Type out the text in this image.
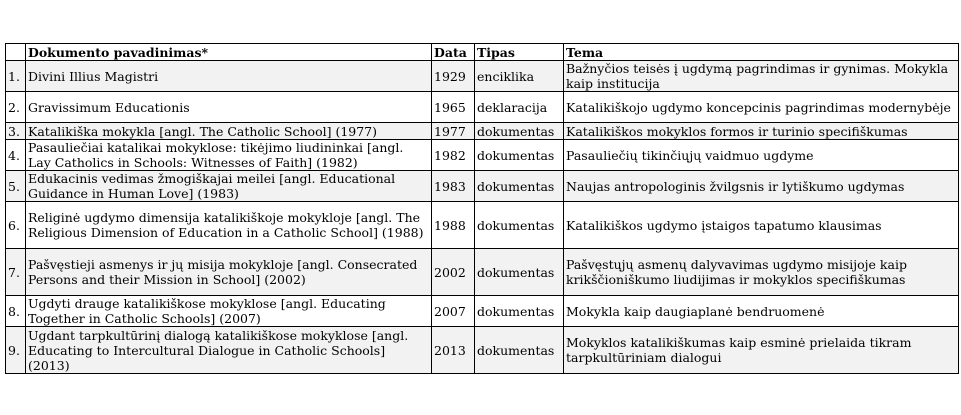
	Dokumento pavadinimas*	Data	Tipas	Tema
1.	Divini Illius Magistri	1929	enciklika	Bažnyčios teisės į ugdymą pagrindimas ir gynimas. Mokykla kaip institucija
2.	Gravissimum Educationis	1965	deklaracija	Katalikiškojo ugdymo koncepcinis pagrindimas modernybėje
3.	Katalikiška mokykla [angl. The Catholic School] (1977)	1977	dokumentas	Katalikiškos mokyklos formos ir turinio specifiškumas
4.	Pasauliečiai katalikai mokyklose: tikėjimo liudininkai [angl. Lay Catholics in Schools: Witnesses of Faith] (1982)	1982	dokumentas	Pasauliečių tikinčiųjų vaidmuo ugdyme
5.	Edukacinis vedimas žmogiškajai meilei [angl. Educational Guidance in Human Love] (1983)	1983	dokumentas	Naujas antropologinis žvilgsnis ir lytiškumo ugdymas
6.	Religinė ugdymo dimensija katalikiškoje mokykloje [angl. The Religious Dimension of Education in a Catholic School] (1988)	1988	dokumentas	Katalikiškos ugdymo įstaigos tapatumo klausimas
7.	Pašvęstieji asmenys ir jų misija mokykloje [angl. Consecrated Persons and their Mission in School] (2002)	2002	dokumentas	Pašvęstųjų asmenų dalyvavimas ugdymo misijoje kaip krikščioniškumo liudijimas ir mokyklos specifiškumas
8.	Ugdyti drauge katalikiškose mokyklose [angl. Educating Together in Catholic Schools] (2007)	2007	dokumentas	Mokykla kaip daugiaplanė bendruomenė
9.	Ugdant tarpkultūrinį dialogą katalikiškose mokyklose [angl. Educating to Intercultural Dialogue in Catholic Schools] (2013)	2013	dokumentas	Mokyklos katalikiškumas kaip esminė prielaida tikram tarpkultūriniam dialogui
